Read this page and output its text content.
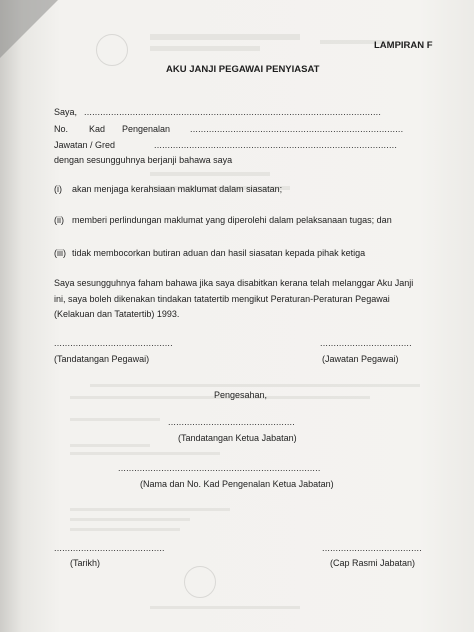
LAMPIRAN F
AKU JANJI PEGAWAI PENYIASAT
Saya, ..............................................................................................................
No. Kad Pengenalan ...............................................................................
Jawatan / Gred	..........................................................................................
dengan sesungguhnya berjanji bahawa saya
(i) akan menjaga kerahsiaan maklumat dalam siasatan;
(ii) memberi perlindungan maklumat yang diperolehi dalam pelaksanaan tugas; dan
(iii) tidak membocorkan butiran aduan dan hasil siasatan kepada pihak ketiga
Saya sesungguhnya faham bahawa jika saya disabitkan kerana telah melanggar Aku Janji
ini, saya boleh dikenakan tindakan tatatertib mengikut Peraturan-Peraturan Pegawai
(Kelakuan dan Tatatertib) 1993.
............................................	..................................
(Tandatangan Pegawai)	(Jawatan Pegawai)
Pengesahan,
...............................................
(Tandatangan Ketua Jabatan)
...........................................................................
(Nama dan No. Kad Pengenalan Ketua Jabatan)
.........................................	.....................................
(Tarikh)	(Cap Rasmi Jabatan)
